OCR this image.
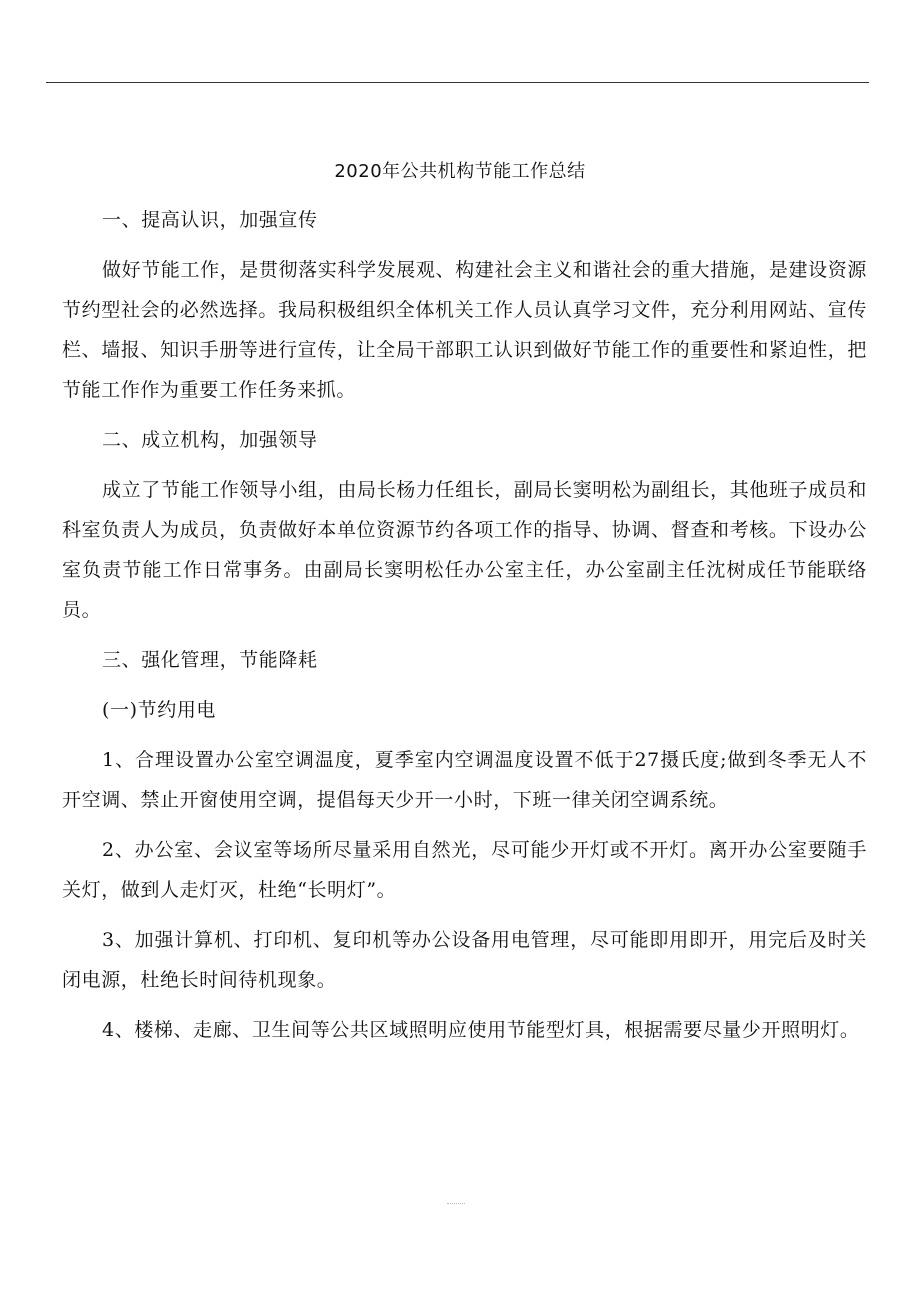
2020年公共机构节能工作总结

一、提高认识，加强宣传

做好节能工作，是贯彻落实科学发展观、构建社会主义和谐社会的重大措施，是建设资源节约型社会的必然选择。我局积极组织全体机关工作人员认真学习文件，充分利用网站、宣传栏、墙报、知识手册等进行宣传，让全局干部职工认识到做好节能工作的重要性和紧迫性，把节能工作作为重要工作任务来抓。

二、成立机构，加强领导

成立了节能工作领导小组，由局长杨力任组长，副局长窦明松为副组长，其他班子成员和科室负责人为成员，负责做好本单位资源节约各项工作的指导、协调、督查和考核。下设办公室负责节能工作日常事务。由副局长窦明松任办公室主任，办公室副主任沈树成任节能联络员。

三、强化管理，节能降耗

(一)节约用电

1、合理设置办公室空调温度，夏季室内空调温度设置不低于27摄氏度;做到冬季无人不开空调、禁止开窗使用空调，提倡每天少开一小时，下班一律关闭空调系统。

2、办公室、会议室等场所尽量采用自然光，尽可能少开灯或不开灯。离开办公室要随手关灯，做到人走灯灭，杜绝“长明灯”。

3、加强计算机、打印机、复印机等办公设备用电管理，尽可能即用即开，用完后及时关闭电源，杜绝长时间待机现象。

4、楼梯、走廊、卫生间等公共区域照明应使用节能型灯具，根据需要尽量少开照明灯。
